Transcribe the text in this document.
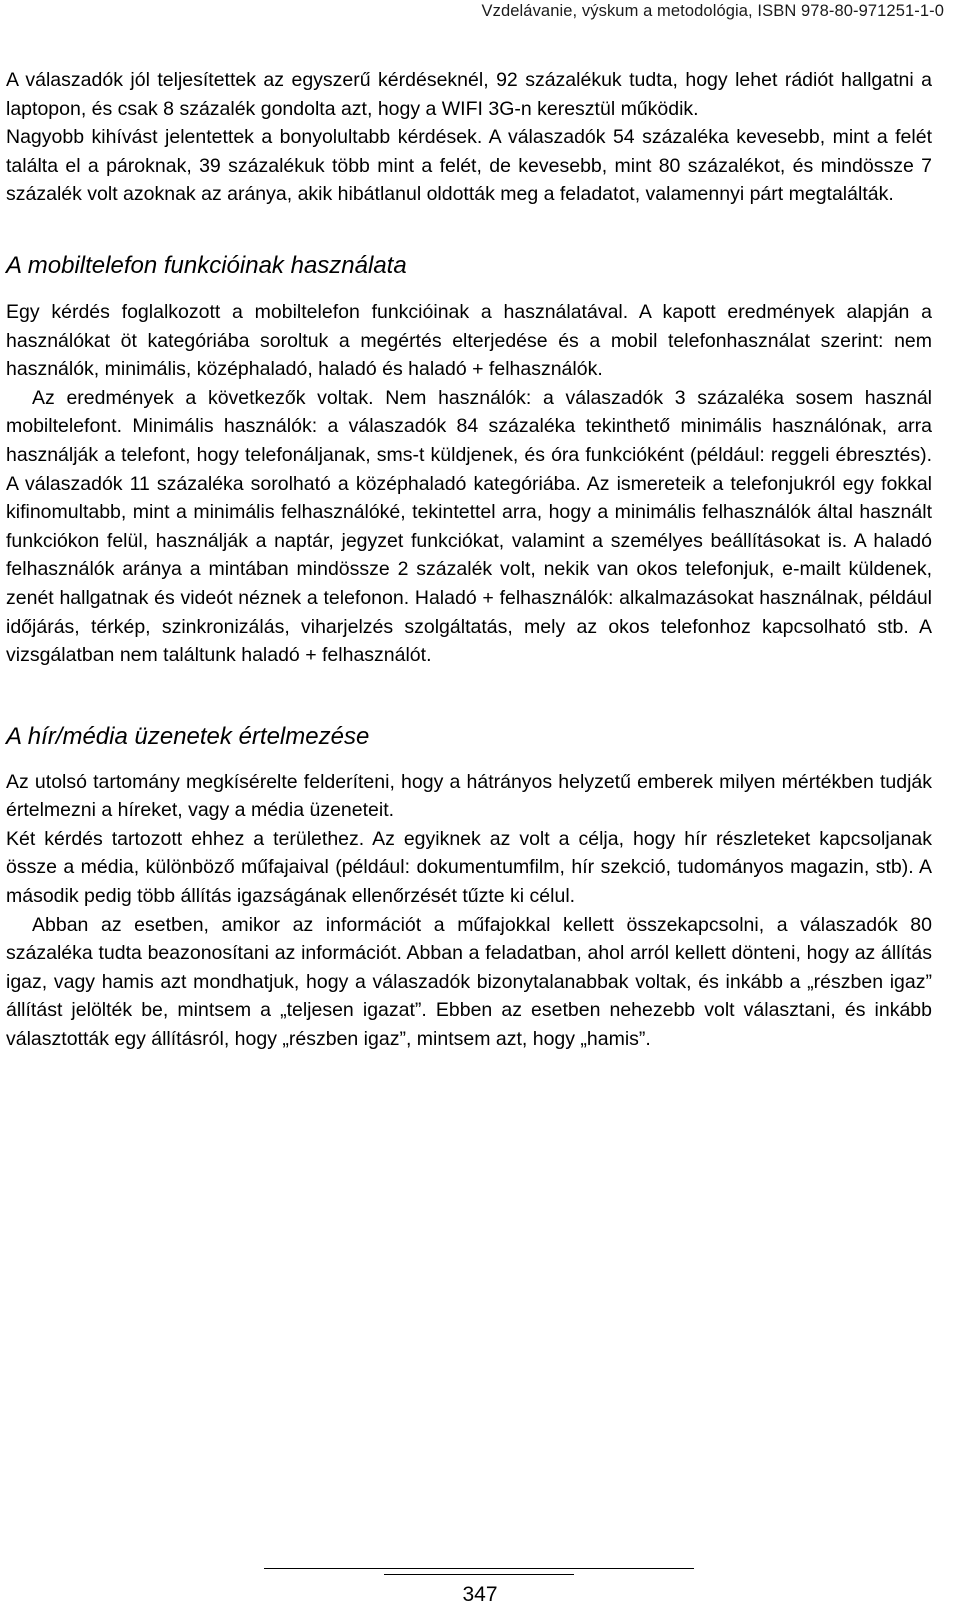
Vzdelávanie, výskum a metodológia, ISBN 978-80-971251-1-0

A válaszadók jól teljesítettek az egyszerű kérdéseknél, 92 százalékuk tudta, hogy lehet rádiót hallgatni a laptopon, és csak 8 százalék gondolta azt, hogy a WIFI 3G-n keresztül működik.

Nagyobb kihívást jelentettek a bonyolultabb kérdések. A válaszadók 54 százaléka kevesebb, mint a felét találta el a pároknak, 39 százalékuk több mint a felét, de kevesebb, mint 80 százalékot, és mindössze 7 százalék volt azoknak az aránya, akik hibátlanul oldották meg a feladatot, valamennyi párt megtalálták.

A mobiltelefon funkcióinak használata

Egy kérdés foglalkozott a mobiltelefon funkcióinak a használatával. A kapott eredmények alapján a használókat öt kategóriába soroltuk a megértés elterjedése és a mobil telefonhasználat szerint: nem használók, minimális, középhaladó, haladó és haladó + felhasználók.

Az eredmények a következők voltak. Nem használók: a válaszadók 3 százaléka sosem használ mobiltelefont. Minimális használók: a válaszadók 84 százaléka tekinthető minimális használónak, arra használják a telefont, hogy telefonáljanak, sms-t küldjenek, és óra funkcióként (például: reggeli ébresztés). A válaszadók 11 százaléka sorolható a középhaladó kategóriába. Az ismereteik a telefonjukról egy fokkal kifinomultabb, mint a minimális felhasználóké, tekintettel arra, hogy a minimális felhasználók által használt funkciókon felül, használják a naptár, jegyzet funkciókat, valamint a személyes beállításokat is. A haladó felhasználók aránya a mintában mindössze 2 százalék volt, nekik van okos telefonjuk, e-mailt küldenek, zenét hallgatnak és videót néznek a telefonon. Haladó + felhasználók: alkalmazásokat használnak, például időjárás, térkép, szinkronizálás, viharjelzés szolgáltatás, mely az okos telefonhoz kapcsolható stb. A vizsgálatban nem találtunk haladó + felhasználót.

A hír/média üzenetek értelmezése

Az utolsó tartomány megkísérelte felderíteni, hogy a hátrányos helyzetű emberek milyen mértékben tudják értelmezni a híreket, vagy a média üzeneteit.

Két kérdés tartozott ehhez a területhez. Az egyiknek az volt a célja, hogy hír részleteket kapcsoljanak össze a média, különböző műfajaival (például: dokumentumfilm, hír szekció, tudományos magazin, stb). A második pedig több állítás igazságának ellenőrzését tűzte ki célul.

Abban az esetben, amikor az információt a műfajokkal kellett összekapcsolni, a válaszadók 80 százaléka tudta beazonosítani az információt. Abban a feladatban, ahol arról kellett dönteni, hogy az állítás igaz, vagy hamis azt mondhatjuk, hogy a válaszadók bizonytalanabbak voltak, és inkább a „részben igaz” állítást jelölték be, mintsem a „teljesen igazat”. Ebben az esetben nehezebb volt választani, és inkább választották egy állításról, hogy „részben igaz”, mintsem azt, hogy „hamis”.

347
